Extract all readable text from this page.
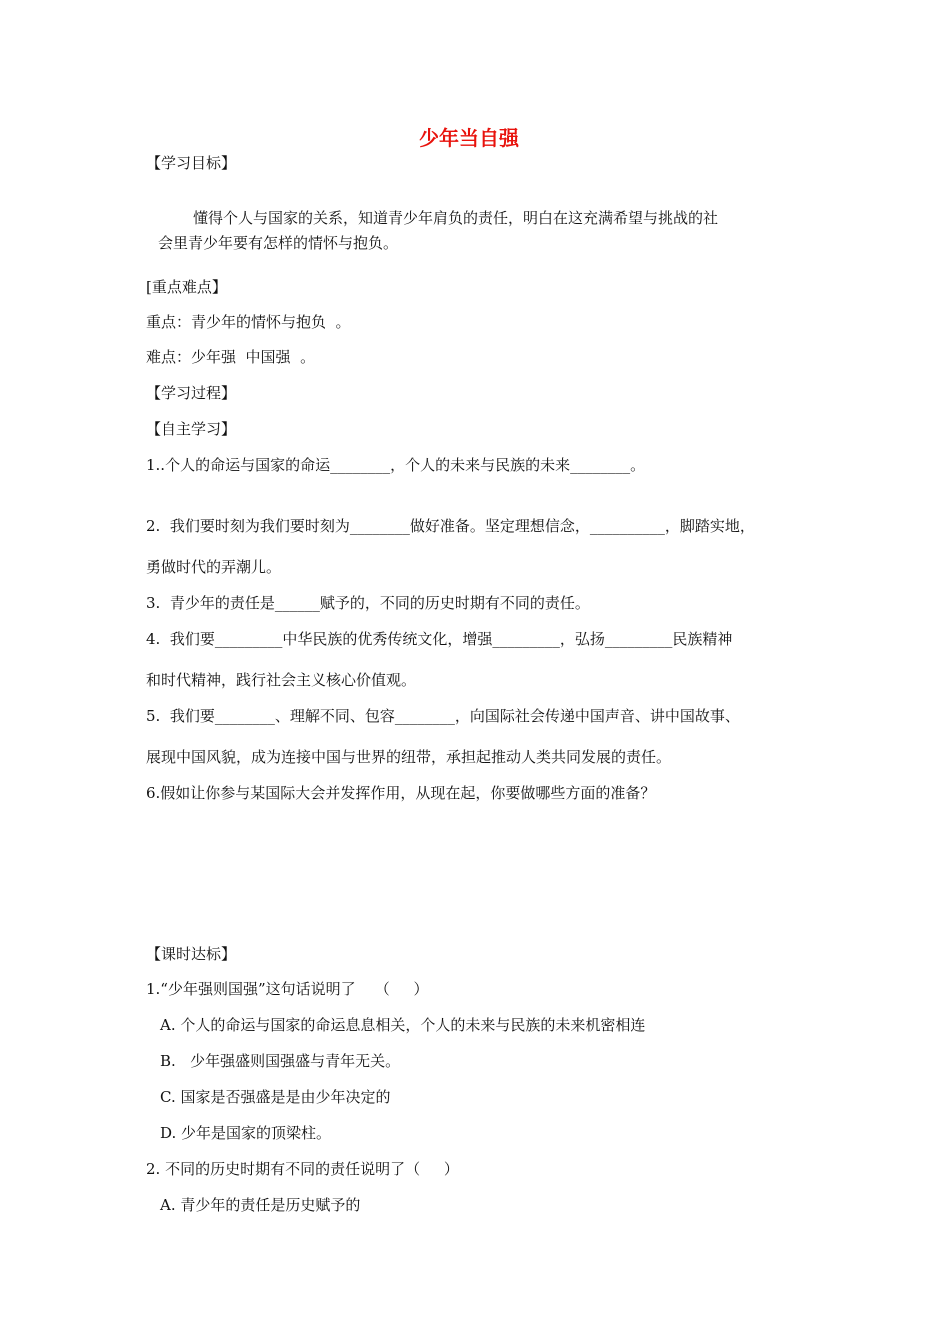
少年当自强
【学习目标】
懂得个人与国家的关系，知道青少年肩负的责任，明白在这充满希望与挑战的社
会里青少年要有怎样的情怀与抱负。
[重点难点】
重点：青少年的情怀与抱负  。
难点：少年强  中国强  。
【学习过程】
【自主学习】
1..个人的命运与国家的命运________，个人的未来与民族的未来________。
2.  我们要时刻为我们要时刻为________做好准备。坚定理想信念，__________，脚踏实地，
勇做时代的弄潮儿。
3.  青少年的责任是______赋予的，不同的历史时期有不同的责任。
4.  我们要_________中华民族的优秀传统文化，增强_________，弘扬_________民族精神
和时代精神，践行社会主义核心价值观。
5.  我们要________、理解不同、包容________，向国际社会传递中国声音、讲中国故事、
展现中国风貌，成为连接中国与世界的纽带，承担起推动人类共同发展的责任。
6.假如让你参与某国际大会并发挥作用，从现在起，你要做哪些方面的准备？
【课时达标】
1.“少年强则国强”这句话说明了    （     ）
A. 个人的命运与国家的命运息息相关，个人的未来与民族的未来机密相连
B.   少年强盛则国强盛与青年无关。
C. 国家是否强盛是是由少年决定的
D. 少年是国家的顶梁柱。
2. 不同的历史时期有不同的责任说明了（     ）
A. 青少年的责任是历史赋予的
